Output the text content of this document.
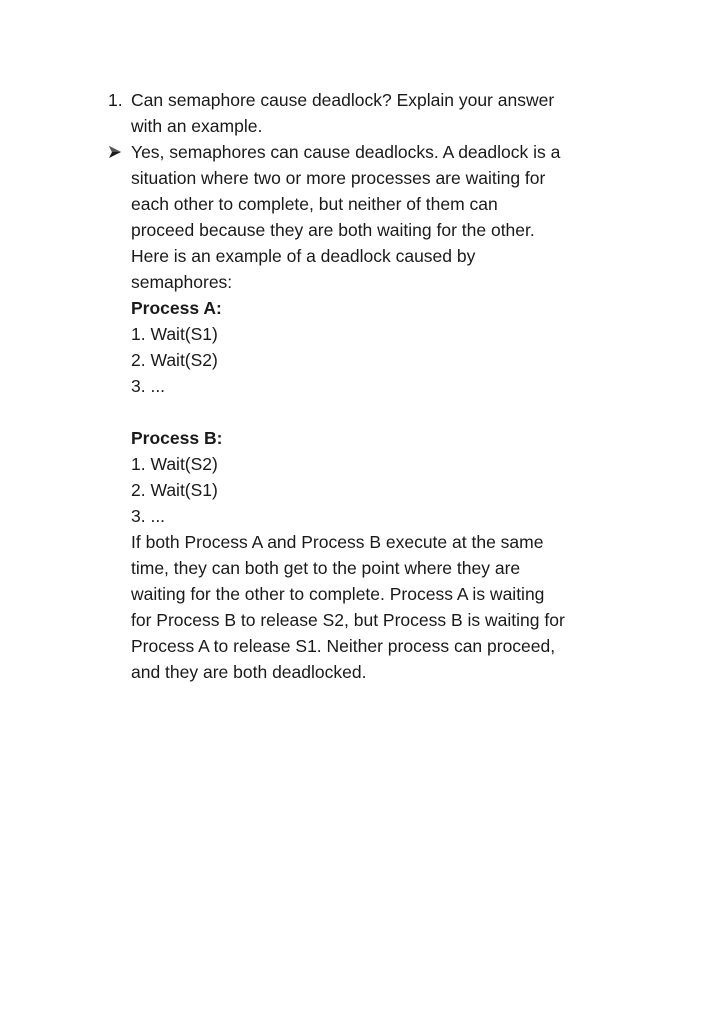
1. Can semaphore cause deadlock? Explain your answer
with an example.
Yes, semaphores can cause deadlocks. A deadlock is a
situation where two or more processes are waiting for
each other to complete, but neither of them can
proceed because they are both waiting for the other.
Here is an example of a deadlock caused by
semaphores:
Process A:
1. Wait(S1)
2. Wait(S2)
3. ...
Process B:
1. Wait(S2)
2. Wait(S1)
3. ...
If both Process A and Process B execute at the same
time, they can both get to the point where they are
waiting for the other to complete. Process A is waiting
for Process B to release S2, but Process B is waiting for
Process A to release S1. Neither process can proceed,
and they are both deadlocked.
